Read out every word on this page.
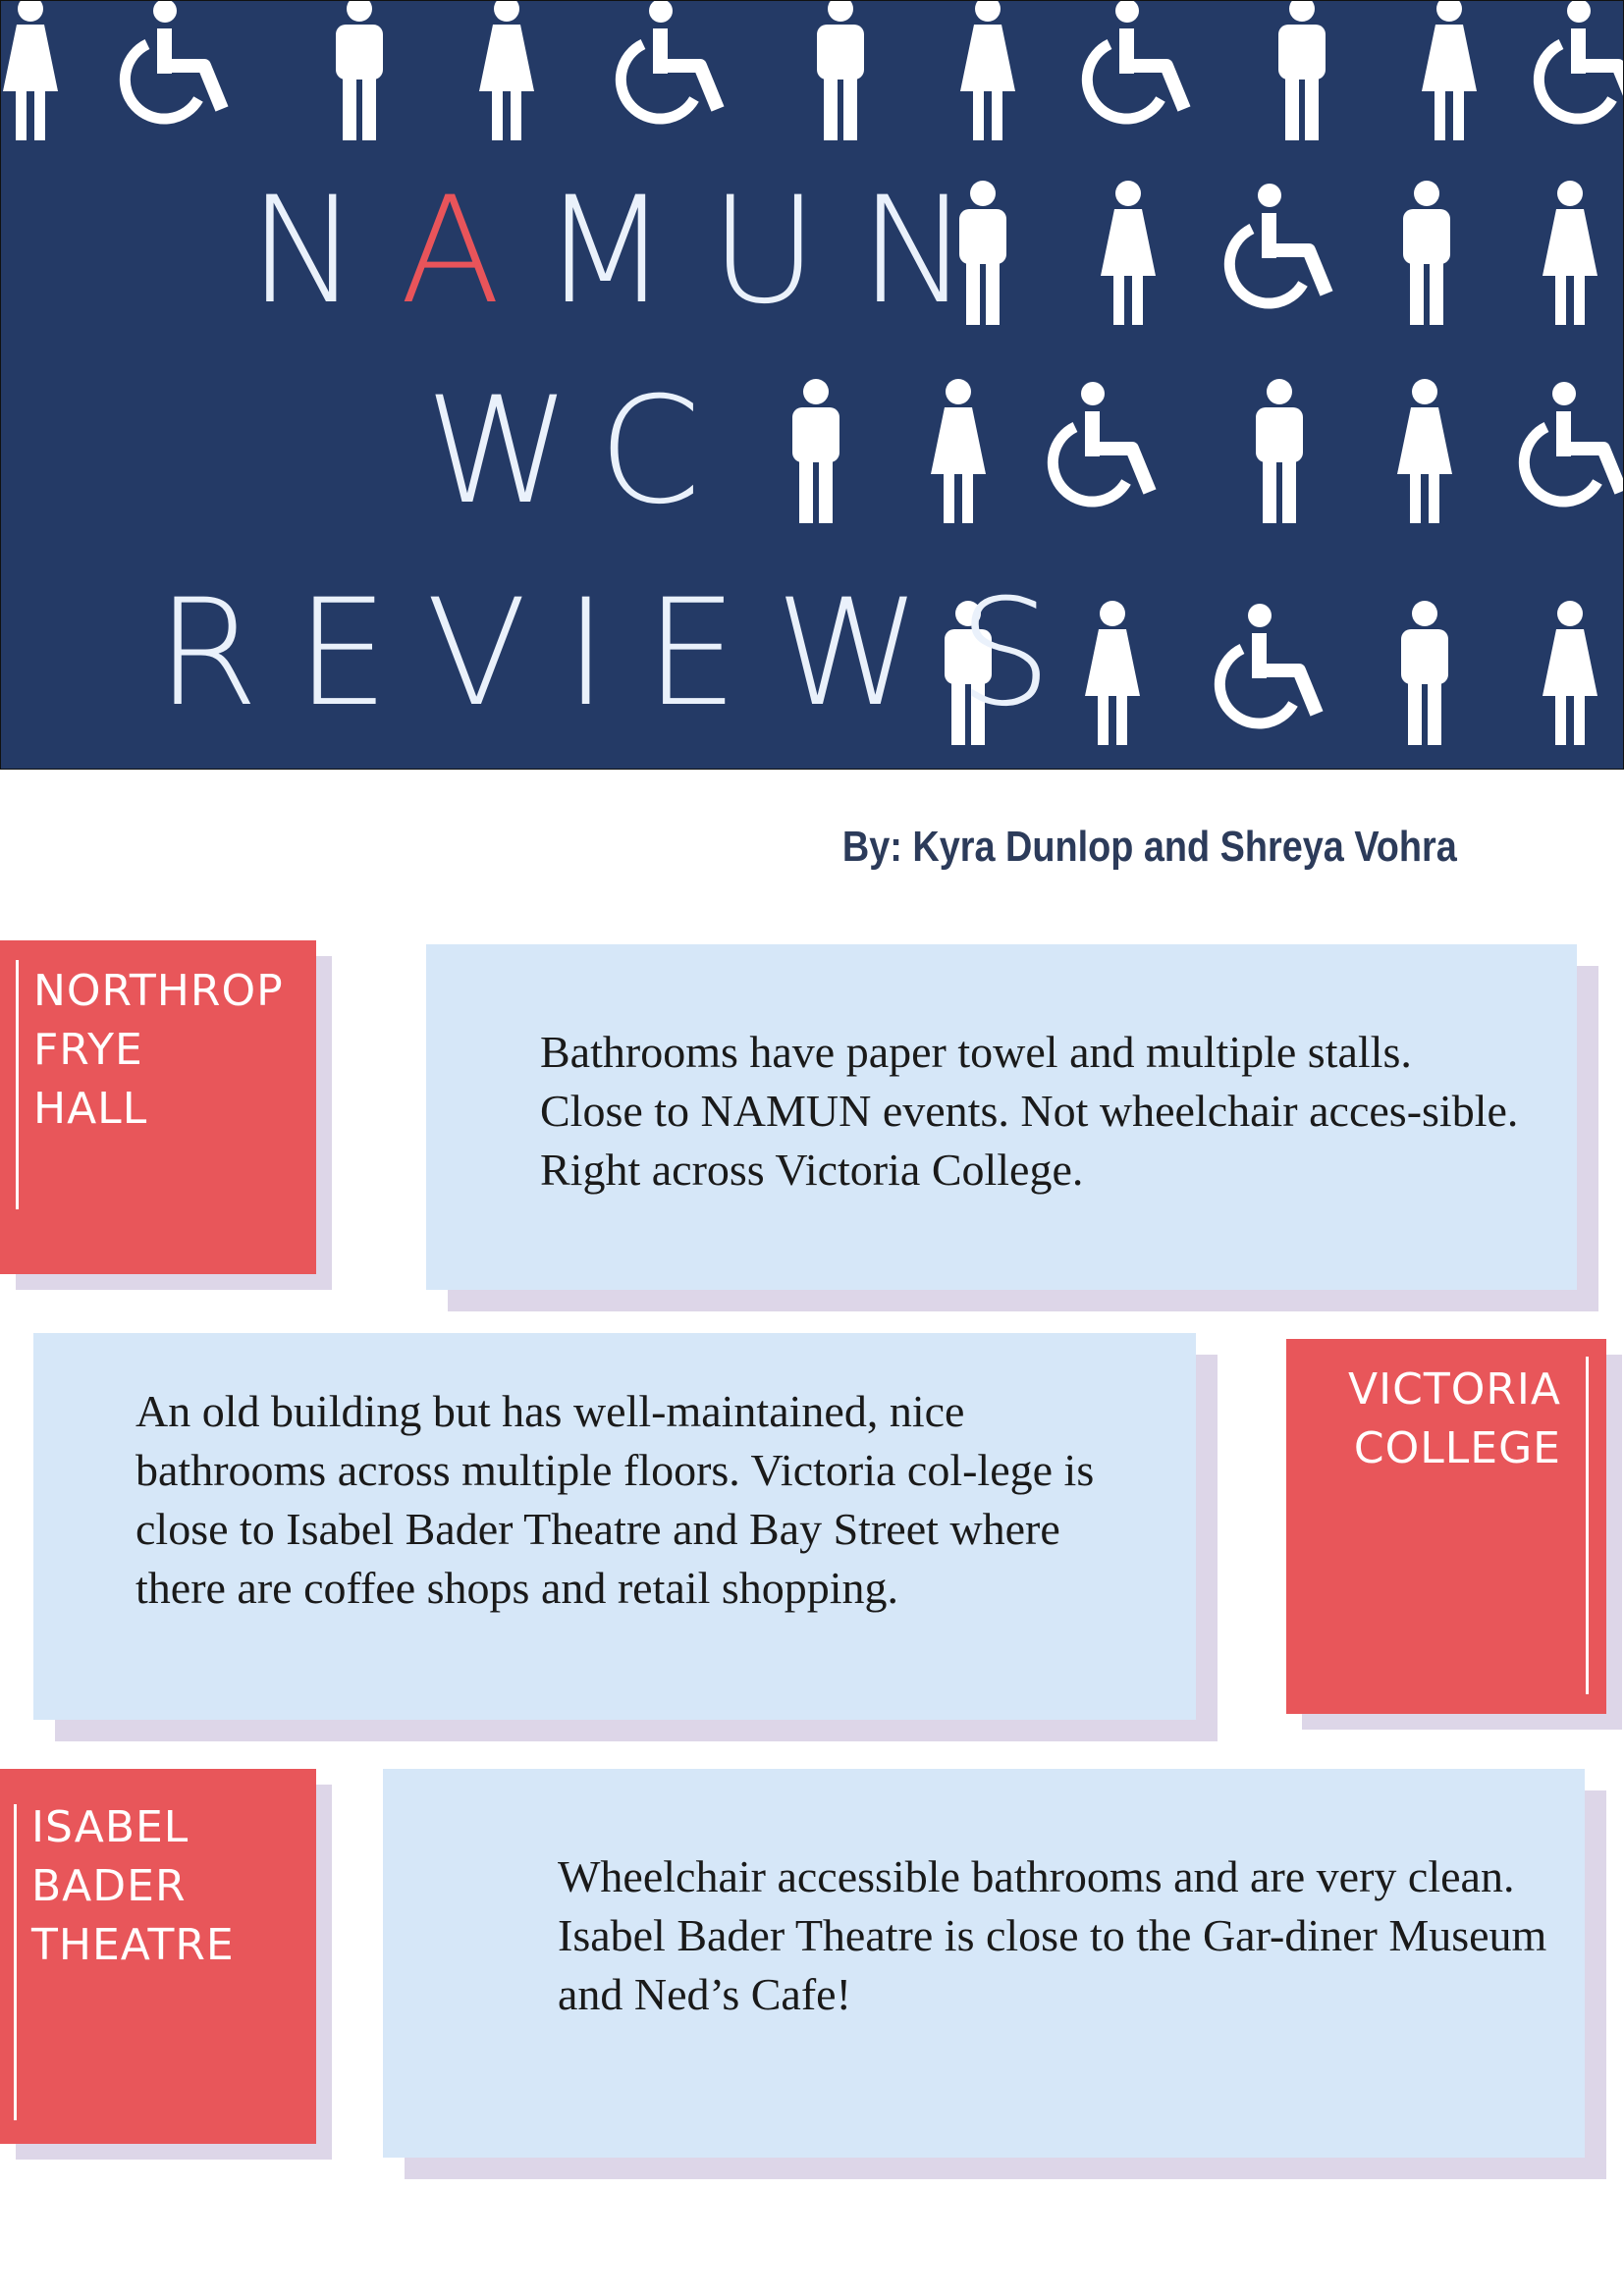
NAMUN
WC
REVIEWS
By: Kyra Dunlop and Shreya Vohra
NORTHROP
FRYE
HALL
Bathrooms have paper towel and multiple stalls. Close to NAMUN events. Not wheelchair acces-sible. Right across Victoria College.
An old building but has well-maintained, nice bathrooms across multiple floors. Victoria col-lege is close to Isabel Bader Theatre and Bay Street where there are coffee shops and retail shopping.
VICTORIA
COLLEGE
ISABEL
BADER
THEATRE
Wheelchair accessible bathrooms and are very clean. Isabel Bader Theatre is close to the Gar-diner Museum and Ned’s Cafe!
